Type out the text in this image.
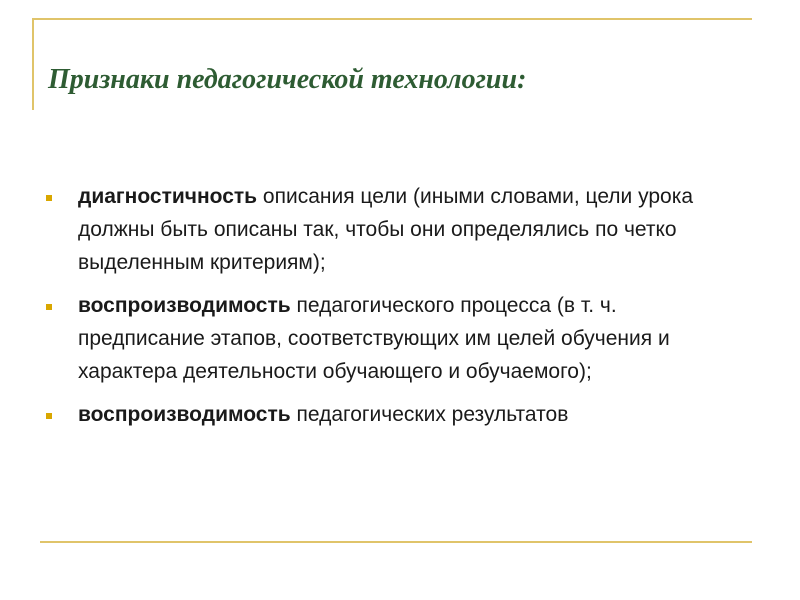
Признаки педагогической технологии:
диагностичность описания цели (иными словами, цели урока должны быть описаны так, чтобы они определялись по четко выделенным критериям);
воспроизводимость педагогического процесса (в т. ч. предписание этапов, соответствующих им целей обучения и характера деятельности обучающего и обучаемого);
воспроизводимость педагогических результатов
